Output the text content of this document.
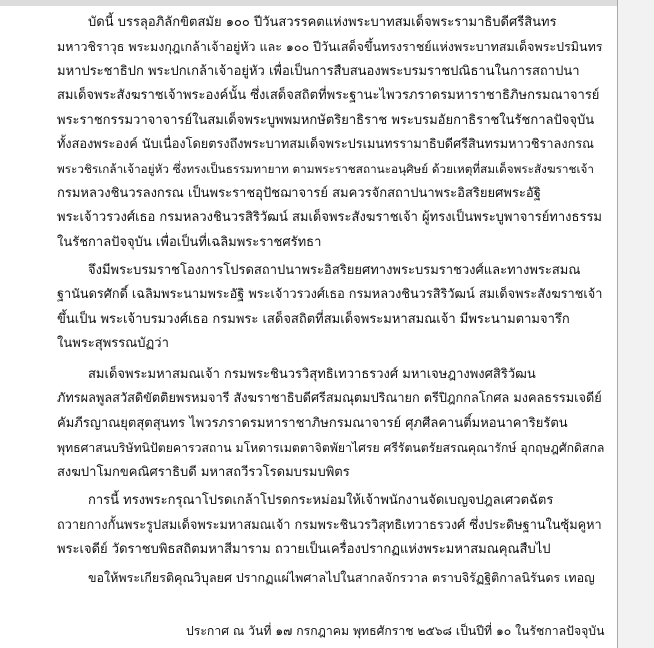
บัดนี้ บรรลุอภิลักขิตสมัย ๑๐๐ ปีวันสวรรคตแห่งพระบาทสมเด็จพระรามาธิบดีศรีสินทร
มหาวชิราวุธ พระมงกุฎเกล้าเจ้าอยู่หัว และ ๑๐๐ ปีวันเสด็จขึ้นทรงราชย์แห่งพระบาทสมเด็จพระปรมินทร
มหาประชาธิปก พระปกเกล้าเจ้าอยู่หัว เพื่อเป็นการสืบสนองพระบรมราชปณิธานในการสถาปนา
สมเด็จพระสังฆราชเจ้าพระองค์นั้น ซึ่งเสด็จสถิตที่พระฐานะไพวรภราดรมหาราชาธิภิษกรมณาจารย์
พระราชกรรมวาจาจารย์ในสมเด็จพระบูพพมหกษัตริยาธิราช พระบรมอัยกาธิราชในรัชกาลปัจจุบัน
ทั้งสองพระองค์ นับเนื่องโดยตรงถึงพระบาทสมเด็จพระปรเมนทรรามาธิบดีศรีสินทรมหาวชิราลงกรณ
พระวชิรเกล้าเจ้าอยู่หัว ซึ่งทรงเป็นธรรมทายาท ตามพระราชสถานะอนุศิษย์ ด้วยเหตุที่สมเด็จพระสังฆราชเจ้า
กรมหลวงชินวรลงกรณ เป็นพระราชอุปัชฌาจารย์ สมควรจักสถาปนาพระอิสริยยศพระอัฐิ
พระเจ้าวรวงศ์เธอ กรมหลวงชินวรสิริวัฒน์ สมเด็จพระสังฆราชเจ้า ผู้ทรงเป็นพระบูพาจารย์ทางธรรม
ในรัชกาลปัจจุบัน เพื่อเป็นที่เฉลิมพระราชศรัทธา
จึงมีพระบรมราชโองการโปรดสถาปนาพระอิสริยยศทางพระบรมราชวงศ์และทางพระสมณ
ฐานันดรศักดิ์ เฉลิมพระนามพระอัฐิ พระเจ้าวรวงศ์เธอ กรมหลวงชินวรสิริวัฒน์ สมเด็จพระสังฆราชเจ้า
ขึ้นเป็น พระเจ้าบรมวงศ์เธอ กรมพระ เสด็จสถิตที่สมเด็จพระมหาสมณเจ้า มีพระนามตามจารึก
ในพระสุพรรณบัฏว่า
สมเด็จพระมหาสมณเจ้า กรมพระชินวรวิสุทธิเทวาธรวงศ์ มหาเจษฎางพงศสิริวัฒน
ภัทรผลพูลสวัสดิขัตติยพรหมจารี สังฆราชาธิบดีศรีสมณุตมปริณายก ตรีปิฎกกลโกศล มงคลธรรมเจดีย์
คัมภีรญาณยุตสุตสุนทร ไพวรภราดรมหาราชาภิษกรมณาจารย์ ศุภศีลคานติ์มหอนาคาริยรัตน
พุทธศาสนบริษัทนิปัตยคารวสถาน มโหดารเมตตาจิตพัยาไศรย ศรีรัตนตรัยสรณคุณารักษ์ อุกฤษฎศักดิสกล
สงฆปาโมกขคณิศราธิบดี มหาสถวีรวโรดมบรมบพิตร
การนี้ ทรงพระกรุณาโปรดเกล้าโปรดกระหม่อมให้เจ้าพนักงานจัดเบญจปฎลเศวตฉัตร
ถวายกางกั้นพระรูปสมเด็จพระมหาสมณเจ้า กรมพระชินวรวิสุทธิเทวาธรวงศ์ ซึ่งประดิษฐานในซุ้มคูหา
พระเจดีย์ วัดราชบพิธสถิตมหาสีมาราม ถวายเป็นเครื่องปรากฏแห่งพระมหาสมณคุณสืบไป
ขอให้พระเกียรติคุณวิบุลยศ ปรากฏแผ่ไพศาลไปในสากลจักรวาล ตราบจิรัฏฐิติกาลนิรันดร เทอญ
ประกาศ ณ วันที่ ๑๗ กรกฎาคม พุทธศักราช ๒๕๖๘ เป็นปีที่ ๑๐ ในรัชกาลปัจจุบัน
